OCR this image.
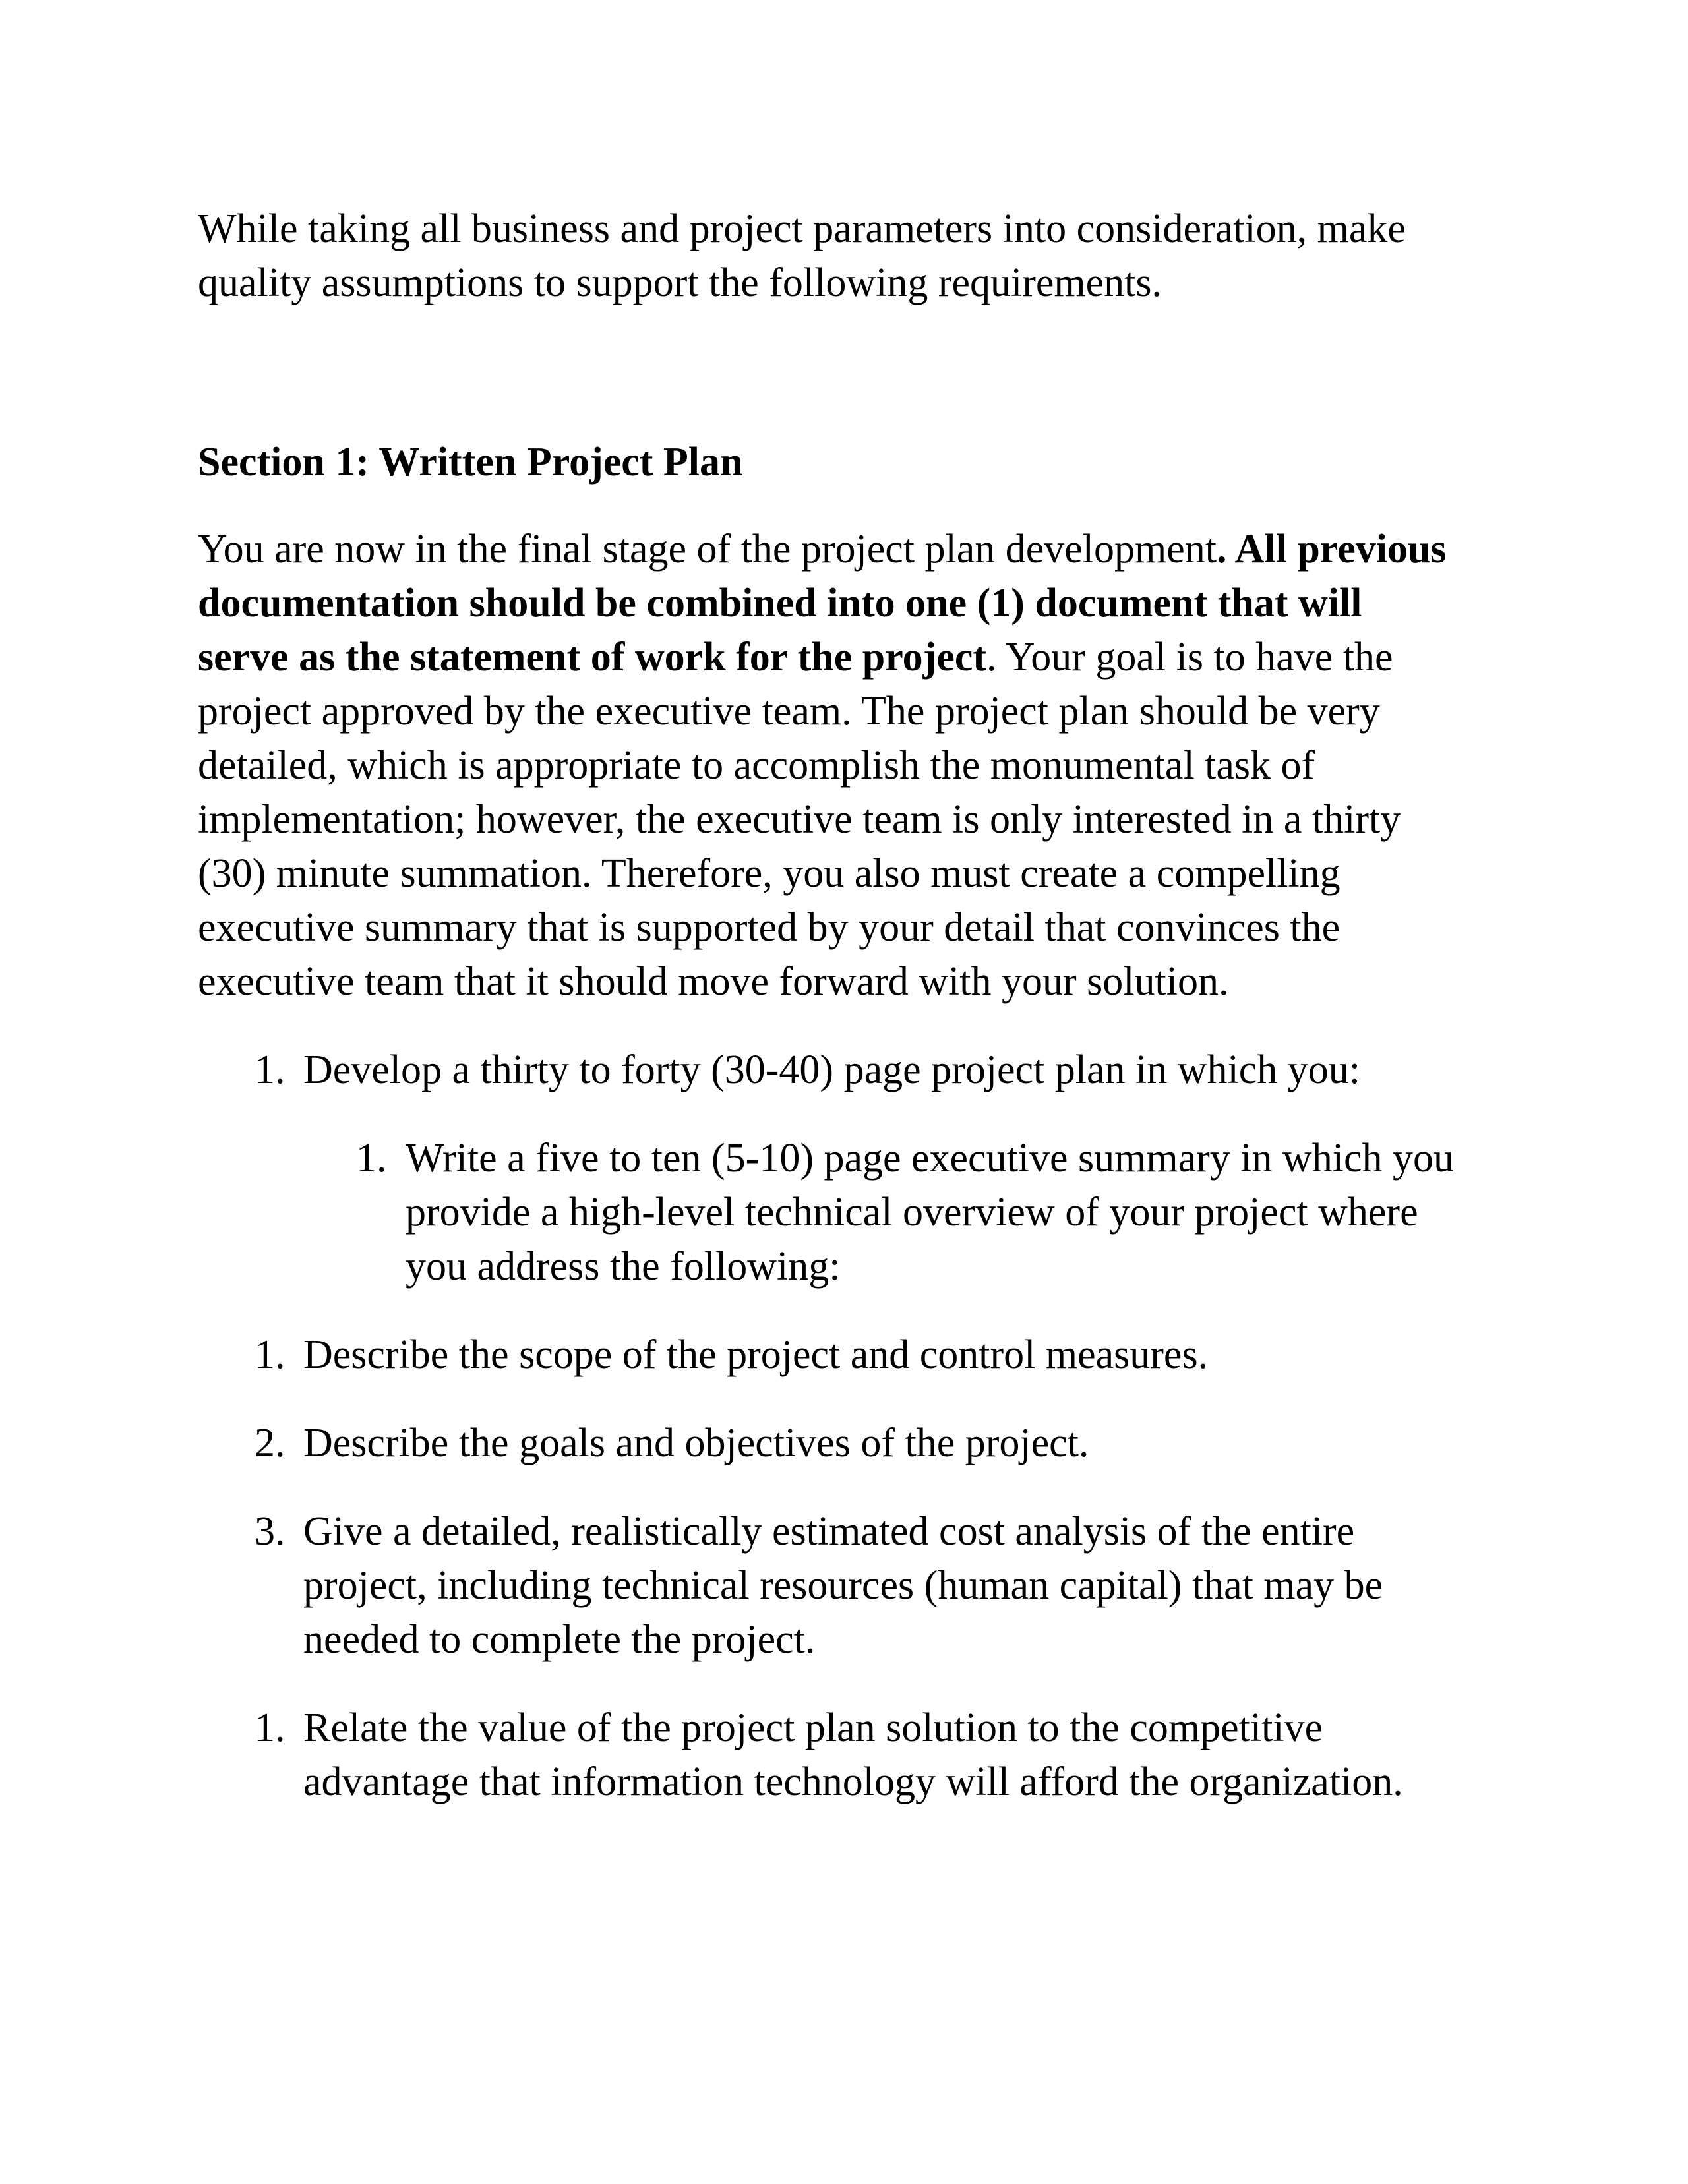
While taking all business and project parameters into consideration, make quality assumptions to support the following requirements.

Section 1: Written Project Plan

You are now in the final stage of the project plan development. All previous documentation should be combined into one (1) document that will serve as the statement of work for the project. Your goal is to have the project approved by the executive team. The project plan should be very detailed, which is appropriate to accomplish the monumental task of implementation; however, the executive team is only interested in a thirty (30) minute summation. Therefore, you also must create a compelling executive summary that is supported by your detail that convinces the executive team that it should move forward with your solution.

1. Develop a thirty to forty (30-40) page project plan in which you:
1. Write a five to ten (5-10) page executive summary in which you provide a high-level technical overview of your project where you address the following:
1. Describe the scope of the project and control measures.
2. Describe the goals and objectives of the project.
3. Give a detailed, realistically estimated cost analysis of the entire project, including technical resources (human capital) that may be needed to complete the project.
1. Relate the value of the project plan solution to the competitive advantage that information technology will afford the organization.
